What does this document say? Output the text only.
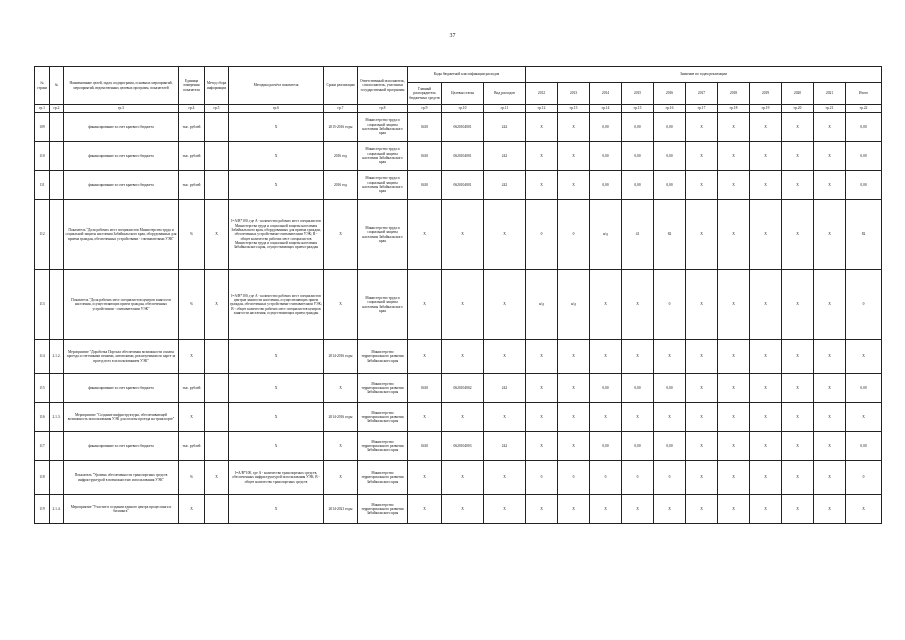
37
№ строки	№	Наименование целей, задач, подпрограмм, основных мероприятий, мероприятий, ведомственных целевых программ, показателей	Единица измерения показателя	Метод сбора информации	Методика расчёта показателя	Сроки реализации	Ответственный исполнитель, соисполнитель, участники государственной программы	Коды бюджетной классификации расходов			Значение по годам реализации										
								Главный распорядитель бюджетных средств	Целевая статья	Вид расходов	2012	2013	2014	2015	2016	2017	2018	2019	2020	2021	Итого
гр.1	гр.2	гр.3	гр.4	гр.5	гр.6	гр.7	гр.8	гр.9	гр.10	гр.11	гр.12	гр.13	гр.14	гр.15	гр.16	гр.17	гр.18	гр.19	гр.20	гр.21	гр.22
109		финансирование за счет краевого бюджета	тыс. рублей		Х	2015-2016 годы	Министерство труда и социальной защиты населения Забайкальского края	0410	0620104001	242	Х	Х	0,00	0,00	0,00	Х	Х	Х	Х	Х	0,00
110		финансирование за счет краевого бюджета	тыс. рублей		Х	2016 год	Министерство труда и социальной защиты населения Забайкальского края	0410	0620104001	242	Х	Х	0,00	0,00	0,00	Х	Х	Х	Х	Х	0,00
111		финансирование за счет краевого бюджета	тыс. рублей		Х	2016 год	Министерство труда и социальной защиты населения Забайкальского края	0410	0620104001	242	Х	Х	0,00	0,00	0,00	Х	Х	Х	Х	Х	0,00
112		Показатель "Доля рабочих мест специалистов Министерства труда и социальной защиты населения Забайкальского края, оборудованных для приема граждан, обеспеченных устройствами - считывателями УЭК"	%	Х	I=A/B*100, где A - количество рабочих мест специалистов Министерства труда и социальной защиты населения Забайкальского края, оборудованных для приема граждан, обеспеченных устройствами-считывателями УЭК; B - общее количество рабочих мест специалистов Министерства труда и социальной защиты населения Забайкальского края, осуществляющих прием граждан	Х	Министерство труда и социальной защиты населения Забайкальского края	Х	Х	Х	0	0	н/д	41	82	Х	Х	Х	Х	Х	82
113		Показатель "Доля рабочих мест специалистов центров занятости населения, осуществляющих прием граждан, обеспеченных устройствами - считывателями УЭК"	%	Х	I=A/B*100, где A - количество рабочих мест специалистов центров занятости населения, осуществляющих прием граждан, обеспеченных устройствами-считывателями УЭК; B - общее количество рабочих мест специалистов центров занятости населения, осуществляющих прием граждан	Х	Министерство труда и социальной защиты населения Забайкальского края	Х	Х	Х	н/д	н/д	Х	Х	0	Х	Х	Х	Х	Х	0
114	2.1.2.	Мероприятие "Доработка Портала обеспечения возможности оплаты проезда и счетчиками пешими, литовскими, реализуемыми по карте за проезд всех в использованием УЭК"	Х		Х	2014-2016 годы	Министерство территориального развития Забайкальского края	Х	Х	Х	Х	Х	Х	Х	Х	Х	Х	Х	Х	Х	Х
115		финансирование за счет краевого бюджета	тыс. рублей		Х	Х	Министерство территориального развития Забайкальского края	0410	0620104002	242	Х	Х	0,00	0,00	0,00	Х	Х	Х	Х	Х	0,00
116	2.1.3.	Мероприятие "Создание инфраструктуры, обеспечивающей возможность использования УЭК для оплаты проезда на транспорте"	Х		Х	2014-2016 годы	Министерство территориального развития Забайкальского края	Х	Х	Х	Х	Х	Х	Х	Х	Х	Х	Х	Х	Х	Х
117		финансирование за счет краевого бюджета	тыс. рублей		Х	Х	Министерство территориального развития Забайкальского края	0410	0620104003	242	Х	Х	0,00	0,00	0,00	Х	Х	Х	Х	Х	0,00
118		Показатель "Уровень обеспеченности транспортных средств инфраструктурой в возможностью использования УЭК"	%	Х	I=A/B*100, где A - количество транспортных средств, обеспеченных инфраструктурой использования УЭК; B - общее количество транспортных средств	Х	Министерство территориального развития Забайкальского края	Х	Х	Х	0	0	0	0	0	Х	Х	Х	Х	Х	0
119	2.1.4.	Мероприятие "Участие в создании единого центра процессинга и биллинга"	Х		Х	2014-2021 годы	Министерство территориального развития Забайкальского края	Х	Х	Х	Х	Х	Х	Х	Х	Х	Х	Х	Х	Х	Х
